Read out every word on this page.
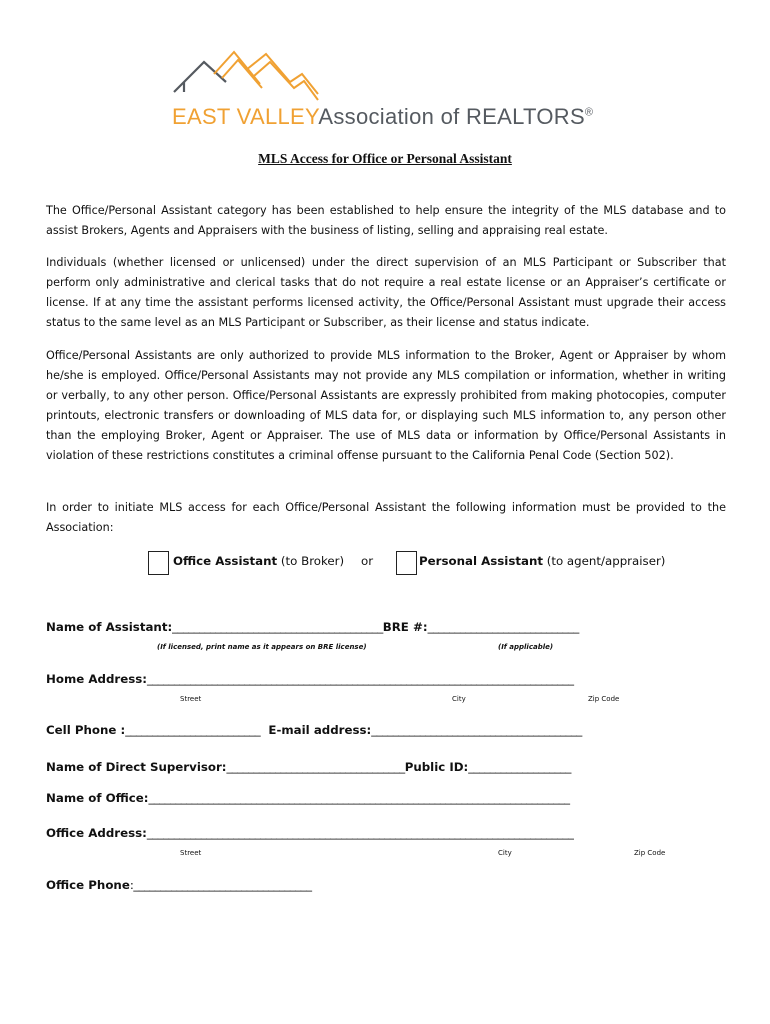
EAST VALLEYAssociation of REALTORS®
MLS Access for Office or Personal Assistant

The Office/Personal Assistant category has been established to help ensure the integrity of the MLS database and to assist Brokers, Agents and Appraisers with the business of listing, selling and appraising real estate.

Individuals (whether licensed or unlicensed) under the direct supervision of an MLS Participant or Subscriber that perform only administrative and clerical tasks that do not require a real estate license or an Appraiser’s certificate or license. If at any time the assistant performs licensed activity, the Office/Personal Assistant must upgrade their access status to the same level as an MLS Participant or Subscriber, as their license and status indicate.

Office/Personal Assistants are only authorized to provide MLS information to the Broker, Agent or Appraiser by whom he/she is employed. Office/Personal Assistants may not provide any MLS compilation or information, whether in writing or verbally, to any other person. Office/Personal Assistants are expressly prohibited from making photocopies, computer printouts, electronic transfers or downloading of MLS data for, or displaying such MLS information to, any person other than the employing Broker, Agent or Appraiser. The use of MLS data or information by Office/Personal Assistants in violation of these restrictions constitutes a criminal offense pursuant to the California Penal Code (Section 502).

In order to initiate MLS access for each Office/Personal Assistant the following information must be provided to the Association:

Office Assistant (to Broker) or	Personal Assistant (to agent/appraiser)
Name of Assistant:_______________________________________BRE #:____________________________
(If licensed, print name as it appears on BRE license)	(If applicable)
Home Address:_______________________________________________________________________________
Street	City	Zip Code
Cell Phone :_________________________ E-mail address:_______________________________________
Name of Direct Supervisor:_________________________________Public ID:___________________
Name of Office:______________________________________________________________________________
Office Address:_______________________________________________________________________________
Street	City	Zip Code
Office Phone:_________________________________
